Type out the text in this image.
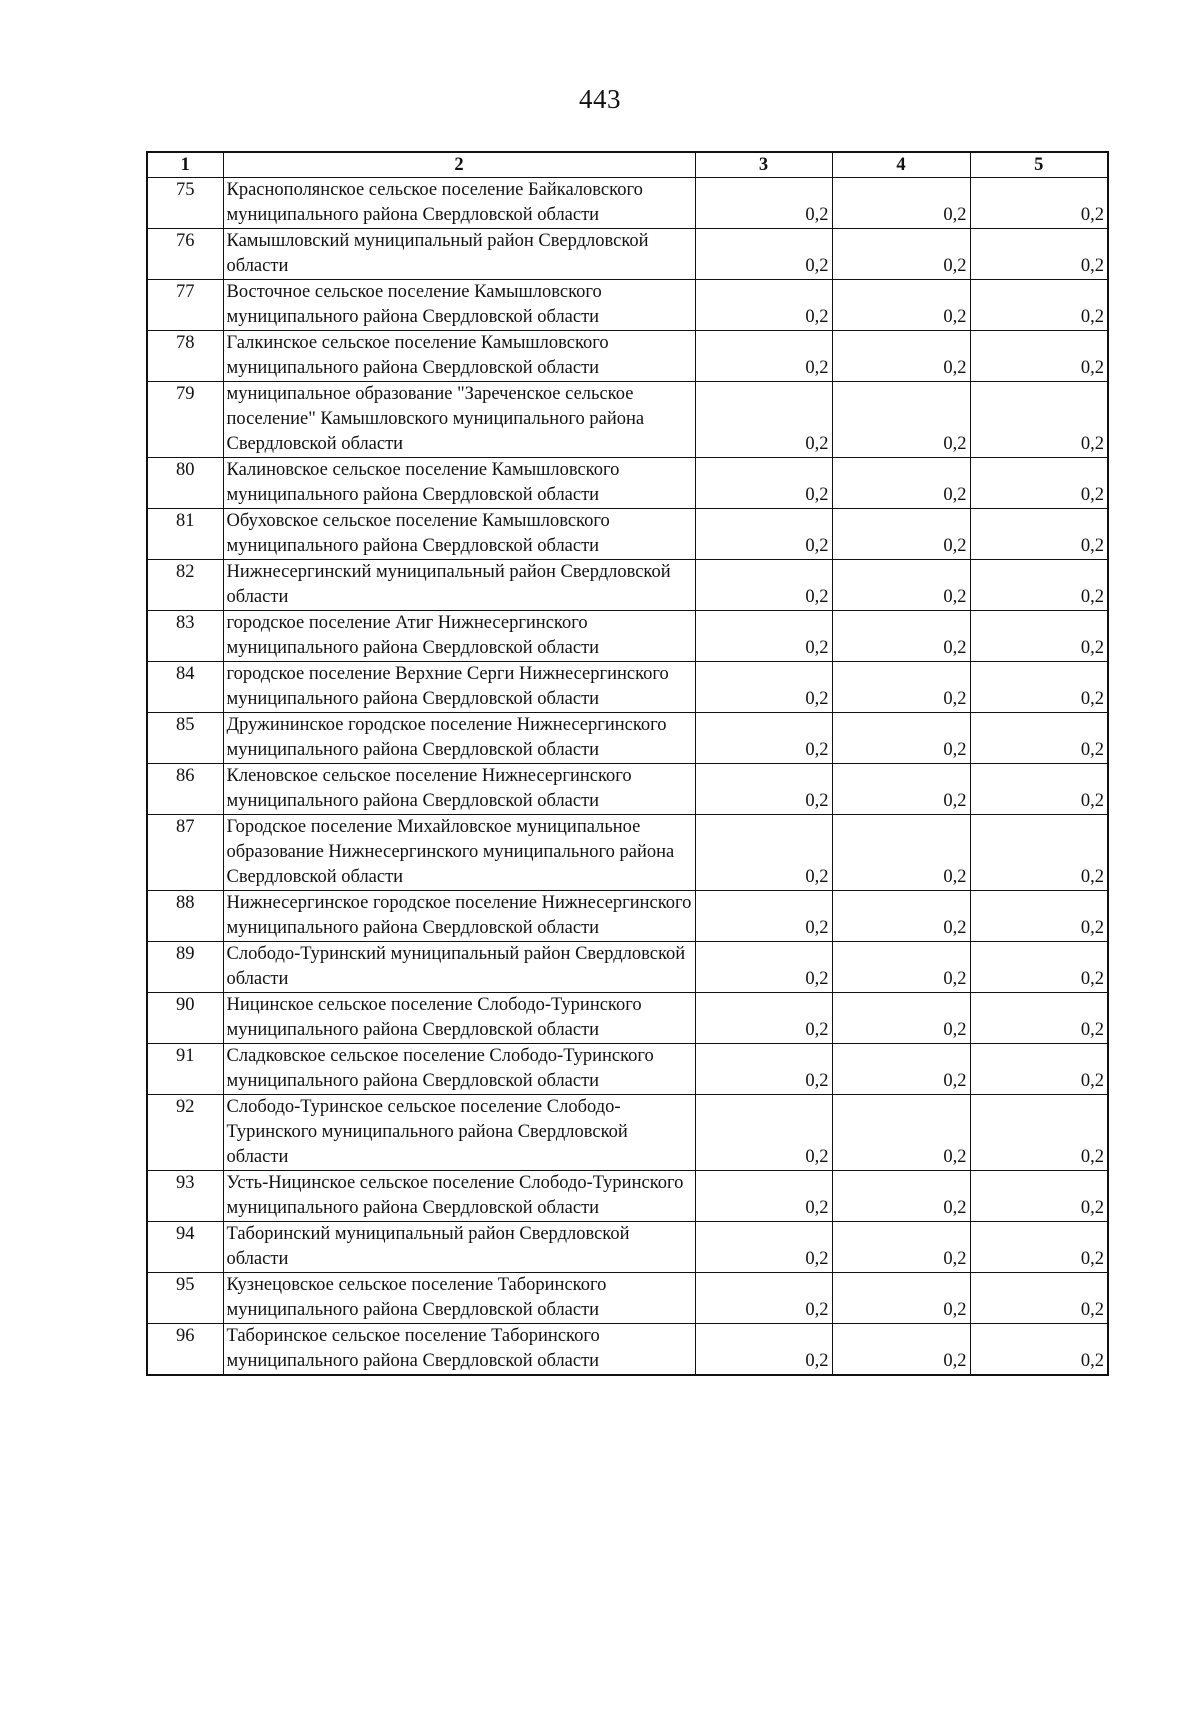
443
1	2	3	4	5
75	Краснополянское сельское поселение Байкаловского муниципального района Свердловской области	0,2	0,2	0,2
76	Камышловский муниципальный район Свердловской области	0,2	0,2	0,2
77	Восточное сельское поселение Камышловского муниципального района Свердловской области	0,2	0,2	0,2
78	Галкинское сельское поселение Камышловского муниципального района Свердловской области	0,2	0,2	0,2
79	муниципальное образование "Зареченское сельское поселение" Камышловского муниципального района Свердловской области	0,2	0,2	0,2
80	Калиновское сельское поселение Камышловского муниципального района Свердловской области	0,2	0,2	0,2
81	Обуховское сельское поселение Камышловского муниципального района Свердловской области	0,2	0,2	0,2
82	Нижнесергинский муниципальный район Свердловской области	0,2	0,2	0,2
83	городское поселение Атиг Нижнесергинского муниципального района Свердловской области	0,2	0,2	0,2
84	городское поселение Верхние Серги Нижнесергинского муниципального района Свердловской области	0,2	0,2	0,2
85	Дружининское городское поселение Нижнесергинского муниципального района Свердловской области	0,2	0,2	0,2
86	Кленовское сельское поселение Нижнесергинского муниципального района Свердловской области	0,2	0,2	0,2
87	Городское поселение Михайловское муниципальное образование Нижнесергинского муниципального района Свердловской области	0,2	0,2	0,2
88	Нижнесергинское городское поселение Нижнесергинского муниципального района Свердловской области	0,2	0,2	0,2
89	Слободо-Туринский муниципальный район Свердловской области	0,2	0,2	0,2
90	Ницинское сельское поселение Слободо-Туринского муниципального района Свердловской области	0,2	0,2	0,2
91	Сладковское сельское поселение Слободо-Туринского муниципального района Свердловской области	0,2	0,2	0,2
92	Слободо-Туринское сельское поселение Слободо-Туринского муниципального района Свердловской области	0,2	0,2	0,2
93	Усть-Ницинское сельское поселение Слободо-Туринского муниципального района Свердловской области	0,2	0,2	0,2
94	Таборинский муниципальный район Свердловской области	0,2	0,2	0,2
95	Кузнецовское сельское поселение Таборинского муниципального района Свердловской области	0,2	0,2	0,2
96	Таборинское сельское поселение Таборинского муниципального района Свердловской области	0,2	0,2	0,2
